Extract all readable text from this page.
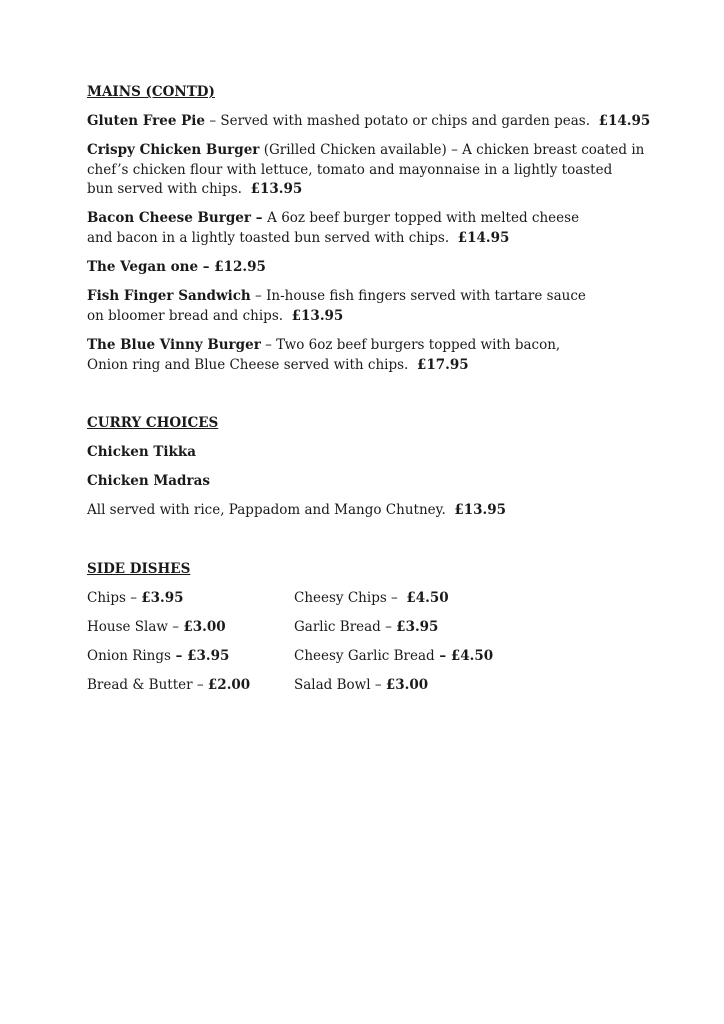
MAINS (CONTD)
Gluten Free Pie – Served with mashed potato or chips and garden peas. £14.95
Crispy Chicken Burger (Grilled Chicken available) – A chicken breast coated in
chef’s chicken flour with lettuce, tomato and mayonnaise in a lightly toasted
bun served with chips. £13.95
Bacon Cheese Burger – A 6oz beef burger topped with melted cheese
and bacon in a lightly toasted bun served with chips. £14.95
The Vegan one – £12.95
Fish Finger Sandwich – In-house fish fingers served with tartare sauce
on bloomer bread and chips. £13.95
The Blue Vinny Burger – Two 6oz beef burgers topped with bacon,
Onion ring and Blue Cheese served with chips. £17.95
CURRY CHOICES
Chicken Tikka
Chicken Madras
All served with rice, Pappadom and Mango Chutney. £13.95
SIDE DISHES
Chips – £3.95
House Slaw – £3.00
Onion Rings – £3.95
Bread & Butter – £2.00
Cheesy Chips –  £4.50
Garlic Bread – £3.95
Cheesy Garlic Bread – £4.50
Salad Bowl – £3.00
